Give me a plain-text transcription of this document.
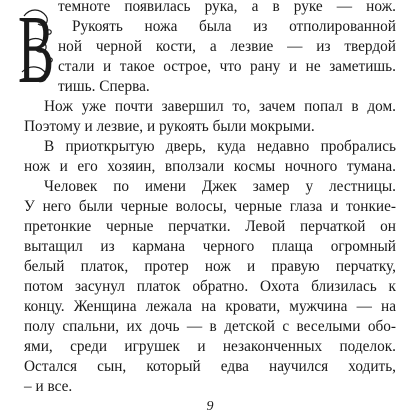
В темноте появилась рука, а в руке — нож.
Рукоять ножа была из отполированной
ной черной кости, а лезвие — из твердой
стали и такое острое, что рану и не заметишь.
тишь. Сперва.
Нож уже почти завершил то, зачем попал в дом.
Поэтому и лезвие, и рукоять были мокрыми.
В приоткрытую дверь, куда недавно пробрались
нож и его хозяин, вползали космы ночного тумана.
Человек по имени Джек замер у лестницы.
У него были черные волосы, черные глаза и тонкие-
претонкие черные перчатки. Левой перчаткой он
вытащил из кармана черного плаща огромный
белый платок, протер нож и правую перчатку,
потом засунул платок обратно. Охота близилась к
концу. Женщина лежала на кровати, мужчина — на
полу спальни, их дочь — в детской с веселыми обо-
ями, среди игрушек и незаконченных поделок.
Остался сын, который едва научился ходить,
– и все.
9
